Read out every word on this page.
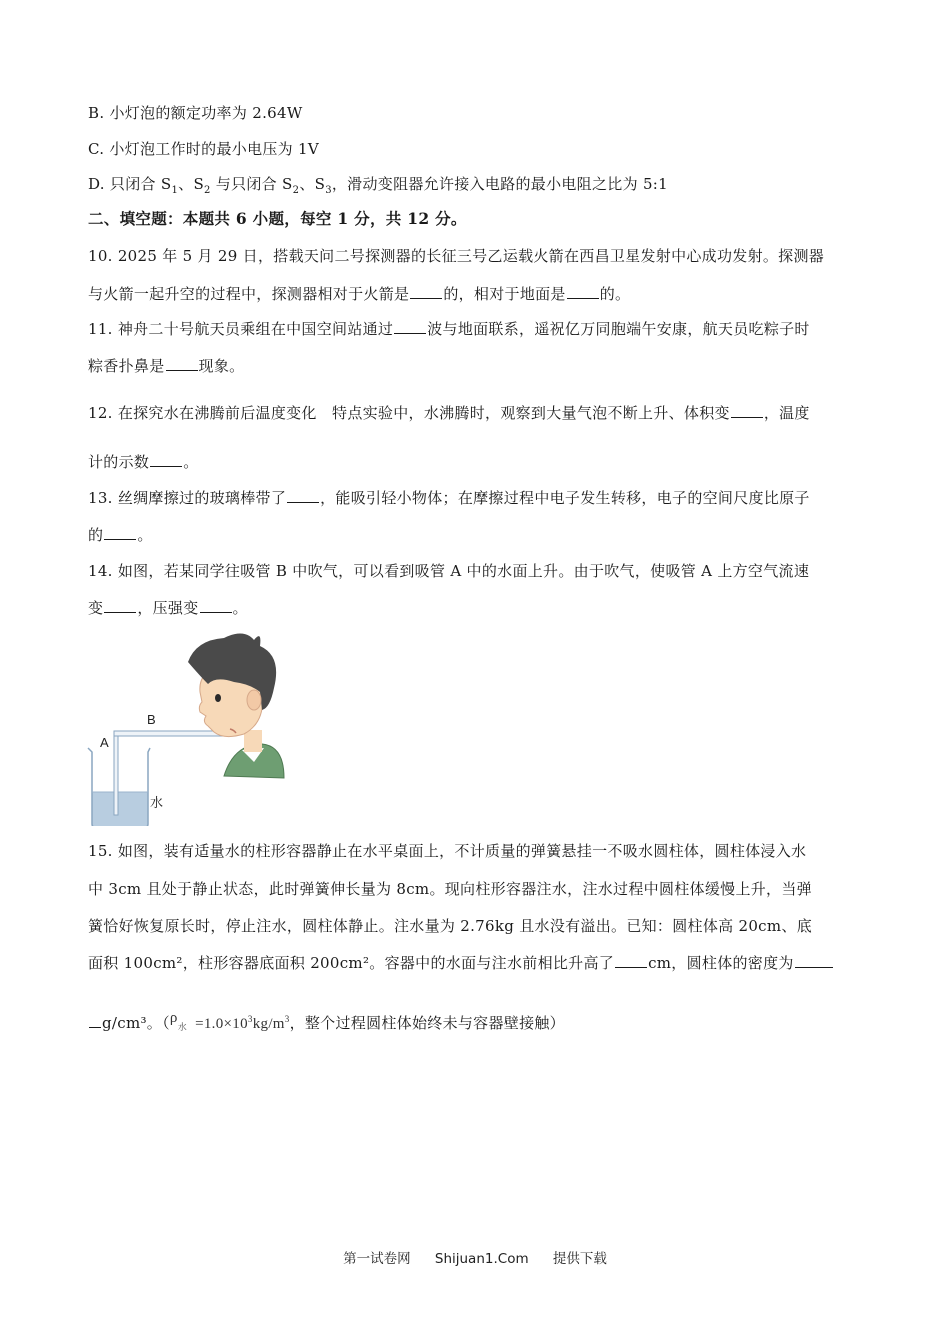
B. 小灯泡的额定功率为 2.64W
C. 小灯泡工作时的最小电压为 1V
D. 只闭合 $S_1$、$S_2$ 与只闭合 $S_2$、$S_3$，滑动变阻器允许接入电路的最小电阻之比为 5:1
二、填空题：本题共 6 小题，每空 1 分，共 12 分。
10. 2025 年 5 月 29 日，搭载天问二号探测器的长征三号乙运载火箭在西昌卫星发射中心成功发射。探测器
与火箭一起升空的过程中，探测器相对于火箭是 的，相对于地面是 的。
11. 神舟二十号航天员乘组在中国空间站通过 波与地面联系，遥祝亿万同胞端午安康，航天员吃粽子时
粽香扑鼻是 现象。
12. 在探究水在沸腾前后温度变化　特点实验中，水沸腾时，观察到大量气泡不断上升、体积变 ，温度
计的示数 。
13. 丝绸摩擦过的玻璃棒带了 ，能吸引轻小物体；在摩擦过程中电子发生转移，电子的空间尺度比原子
的 。
14. 如图，若某同学往吸管 B 中吹气，可以看到吸管 A 中的水面上升。由于吹气，使吸管 A 上方空气流速
变 ，压强变 。
A
B
水
15. 如图，装有适量水的柱形容器静止在水平桌面上，不计质量的弹簧悬挂一不吸水圆柱体，圆柱体浸入水
中 3cm 且处于静止状态，此时弹簧伸长量为 8cm。现向柱形容器注水，注水过程中圆柱体缓慢上升，当弹
簧恰好恢复原长时，停止注水，圆柱体静止。注水量为 2.76kg 且水没有溢出。已知：圆柱体高 20cm、底
面积 100cm²，柱形容器底面积 200cm²。容器中的水面与注水前相比升高了 cm，圆柱体的密度为
g/cm³。（ρ水 $=1.0\times 10^3kg/m^3$，整个过程圆柱体始终未与容器壁接触）
第一试卷网 Shijuan1.Com 提供下载
